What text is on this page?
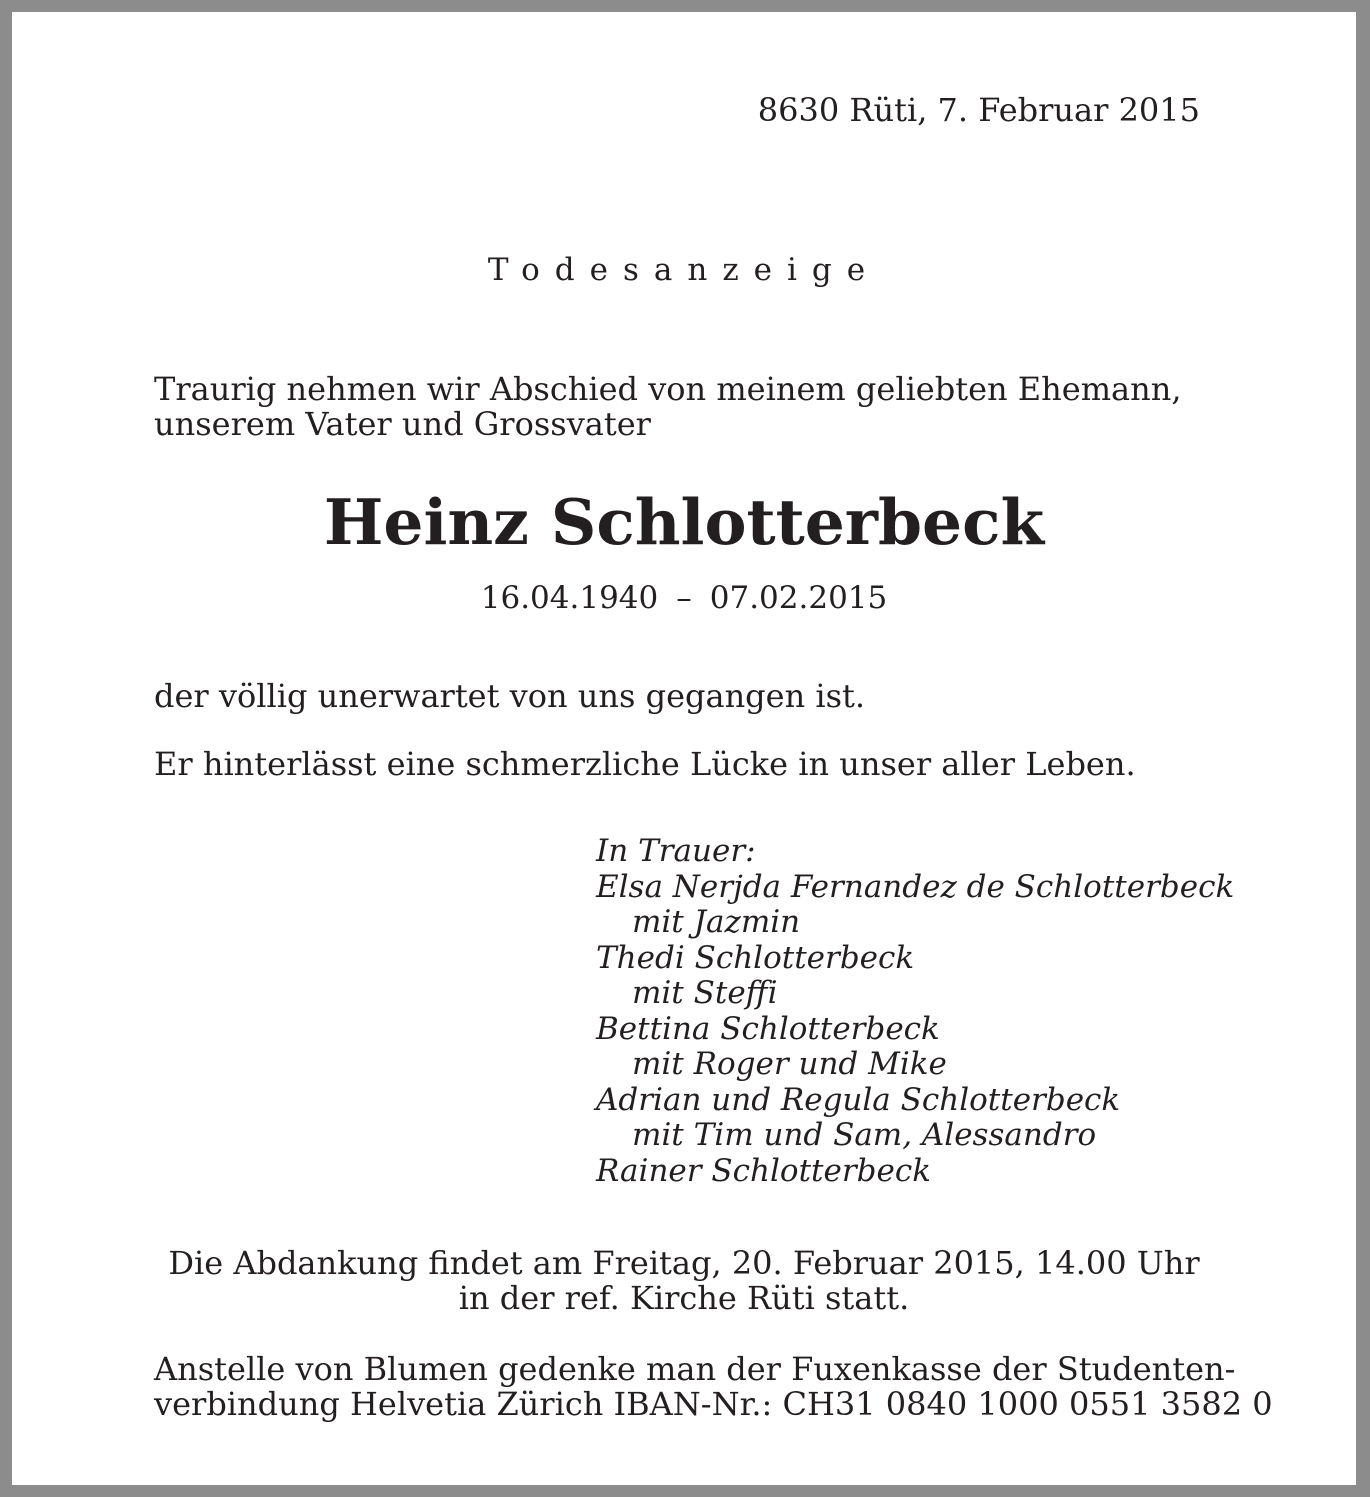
8630 Rüti, 7. Februar 2015

Todesanzeige

Traurig nehmen wir Abschied von meinem geliebten Ehemann,
unserem Vater und Grossvater

Heinz Schlotterbeck

16.04.1940 – 07.02.2015

der völlig unerwartet von uns gegangen ist.

Er hinterlässt eine schmerzliche Lücke in unser aller Leben.

In Trauer:
Elsa Nerjda Fernandez de Schlotterbeck
mit Jazmin
Thedi Schlotterbeck
mit Steffi
Bettina Schlotterbeck
mit Roger und Mike
Adrian und Regula Schlotterbeck
mit Tim und Sam, Alessandro
Rainer Schlotterbeck
Die Abdankung findet am Freitag, 20. Februar 2015, 14.00 Uhr
in der ref. Kirche Rüti statt.
Anstelle von Blumen gedenke man der Fuxenkasse der Studenten-
verbindung Helvetia Zürich IBAN-Nr.: CH31 0840 1000 0551 3582 0
